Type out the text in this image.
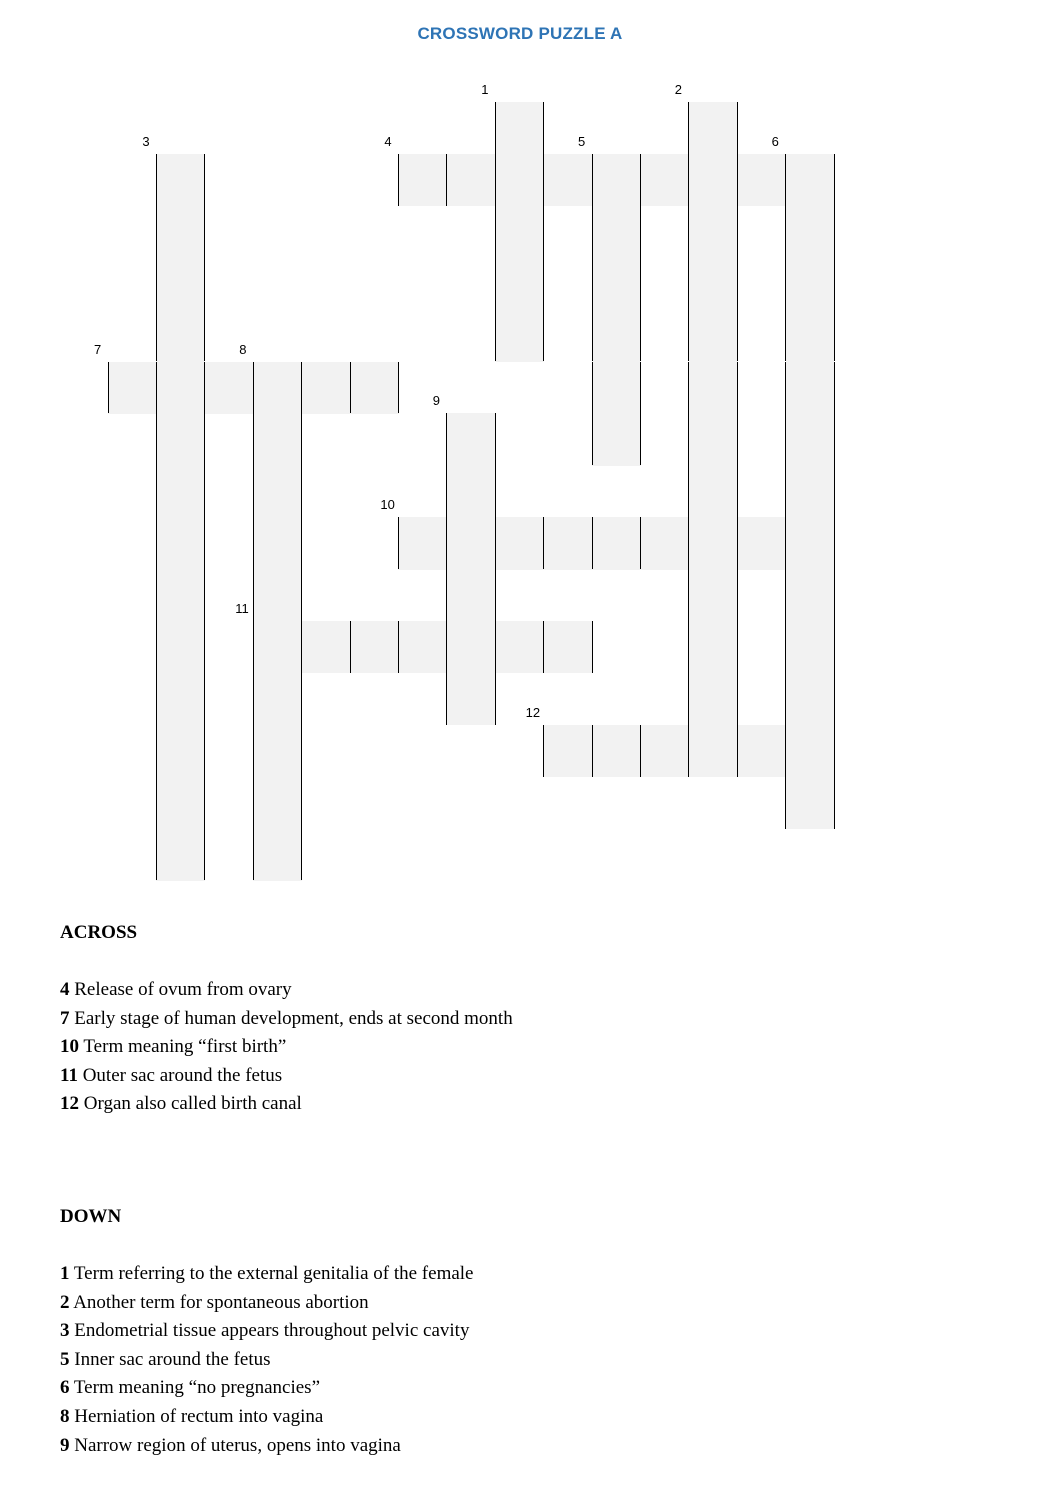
CROSSWORD PUZZLE A
1	2
3	4	5	6
7	8
9
10
11
12
ACROSS
4 Release of ovum from ovary
7 Early stage of human development, ends at second month
10 Term meaning “first birth”
11 Outer sac around the fetus
12 Organ also called birth canal
DOWN
1 Term referring to the external genitalia of the female
2 Another term for spontaneous abortion
3 Endometrial tissue appears throughout pelvic cavity
5 Inner sac around the fetus
6 Term meaning “no pregnancies”
8 Herniation of rectum into vagina
9 Narrow region of uterus, opens into vagina
